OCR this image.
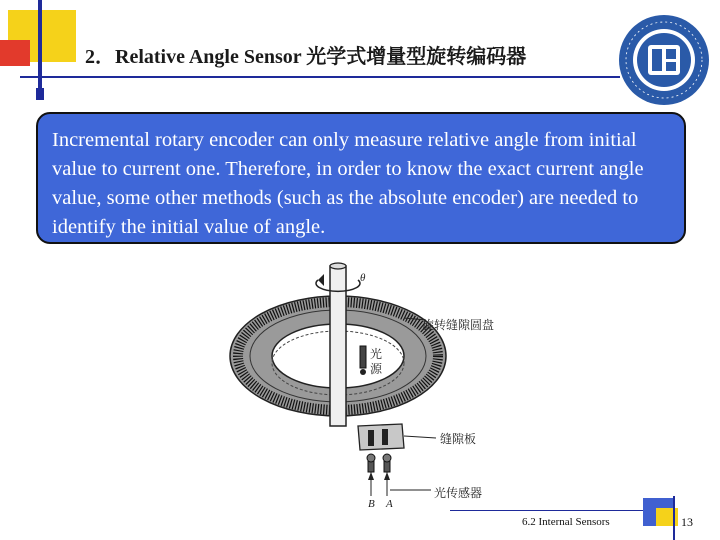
2．Relative Angle Sensor 光学式增量型旋转编码器
Incremental rotary encoder can only measure relative angle from initial value to current one. Therefore, in order to know the exact current angle value, some other methods (such as the absolute encoder) are needed to identify the initial value of angle.
θ
旋转缝隙圆盘
光
源
缝隙板
光传感器
B A
6.2 Internal Sensors	13
